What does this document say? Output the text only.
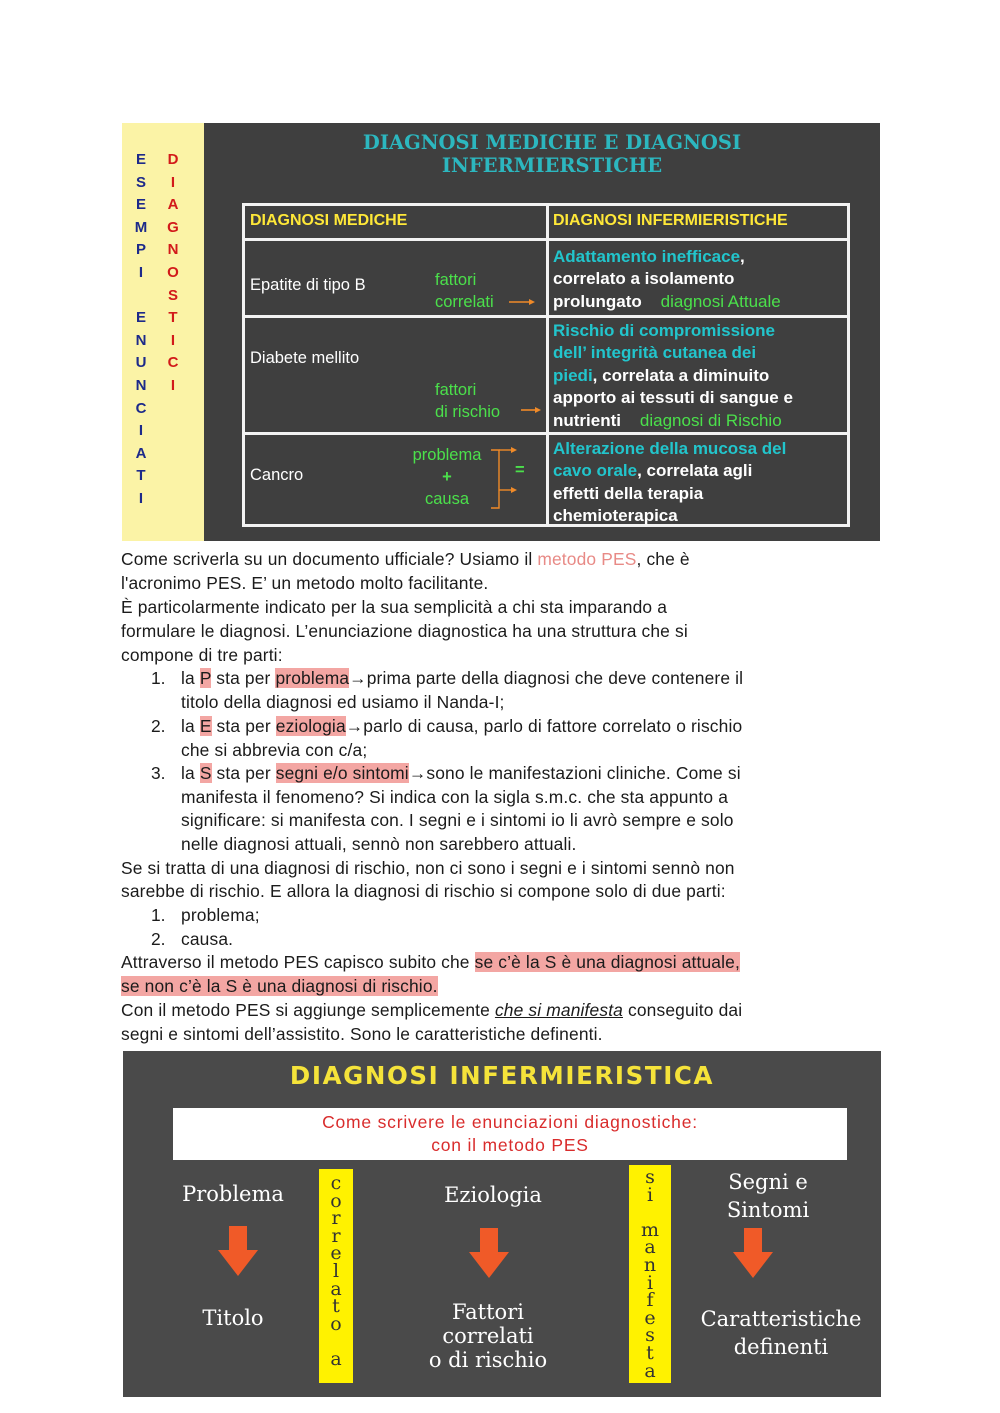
E
S
E
M
P
I

E
N
U
N
C
I
A
T
I
D
I
A
G
N
O
S
T
I
C
I
DIAGNOSI MEDICHE E DIAGNOSI
INFERMIERSTICHE
DIAGNOSI MEDICHE	DIAGNOSI INFERMIERISTICHE
Epatite di tipo B	fattori
correlati
Adattamento inefficace,
correlato a isolamento
prolungato diagnosi Attuale
Diabete mellito
fattori
di rischio
Rischio di compromissione
dell’ integrità cutanea dei
piedi, correlata a diminuito
apporto ai tessuti di sangue e
nutrienti diagnosi di Rischio
Cancro
problema
+
causa
=
Alterazione della mucosa del
cavo orale, correlata agli
effetti della terapia
chemioterapica

Come scriverla su un documento ufficiale? Usiamo il metodo PES, che è

l'acronimo PES. E’ un metodo molto facilitante.

È particolarmente indicato per la sua semplicità a chi sta imparando a

formulare le diagnosi. L’enunciazione diagnostica ha una struttura che si

compone di tre parti:

1. la P sta per problema→prima parte della diagnosi che deve contenere il

titolo della diagnosi ed usiamo il Nanda-I;

2. la E sta per eziologia→parlo di causa, parlo di fattore correlato o rischio

che si abbrevia con c/a;

3. la S sta per segni e/o sintomi→sono le manifestazioni cliniche. Come si

manifesta il fenomeno? Si indica con la sigla s.m.c. che sta appunto a

significare: si manifesta con. I segni e i sintomi io li avrò sempre e solo

nelle diagnosi attuali, sennò non sarebbero attuali.

Se si tratta di una diagnosi di rischio, non ci sono i segni e i sintomi sennò non

sarebbe di rischio. E allora la diagnosi di rischio si compone solo di due parti:

1. problema;

2. causa.

Attraverso il metodo PES capisco subito che se c’è la S è una diagnosi attuale,

se non c’è la S è una diagnosi di rischio.

Con il metodo PES si aggiunge semplicemente che si manifesta conseguito dai

segni e sintomi dell’assistito. Sono le caratteristiche definenti.

DIAGNOSI INFERMIERISTICA
Come scrivere le enunciazioni diagnostiche:
con il metodo PES
Problema
Titolo
c
o
r
r
e
l
a
t
o

a
Eziologia
Fattori
correlati
o di rischio
s
i

m
a
n
i
f
e
s
t
a
Segni e
Sintomi
Caratteristiche
definenti
